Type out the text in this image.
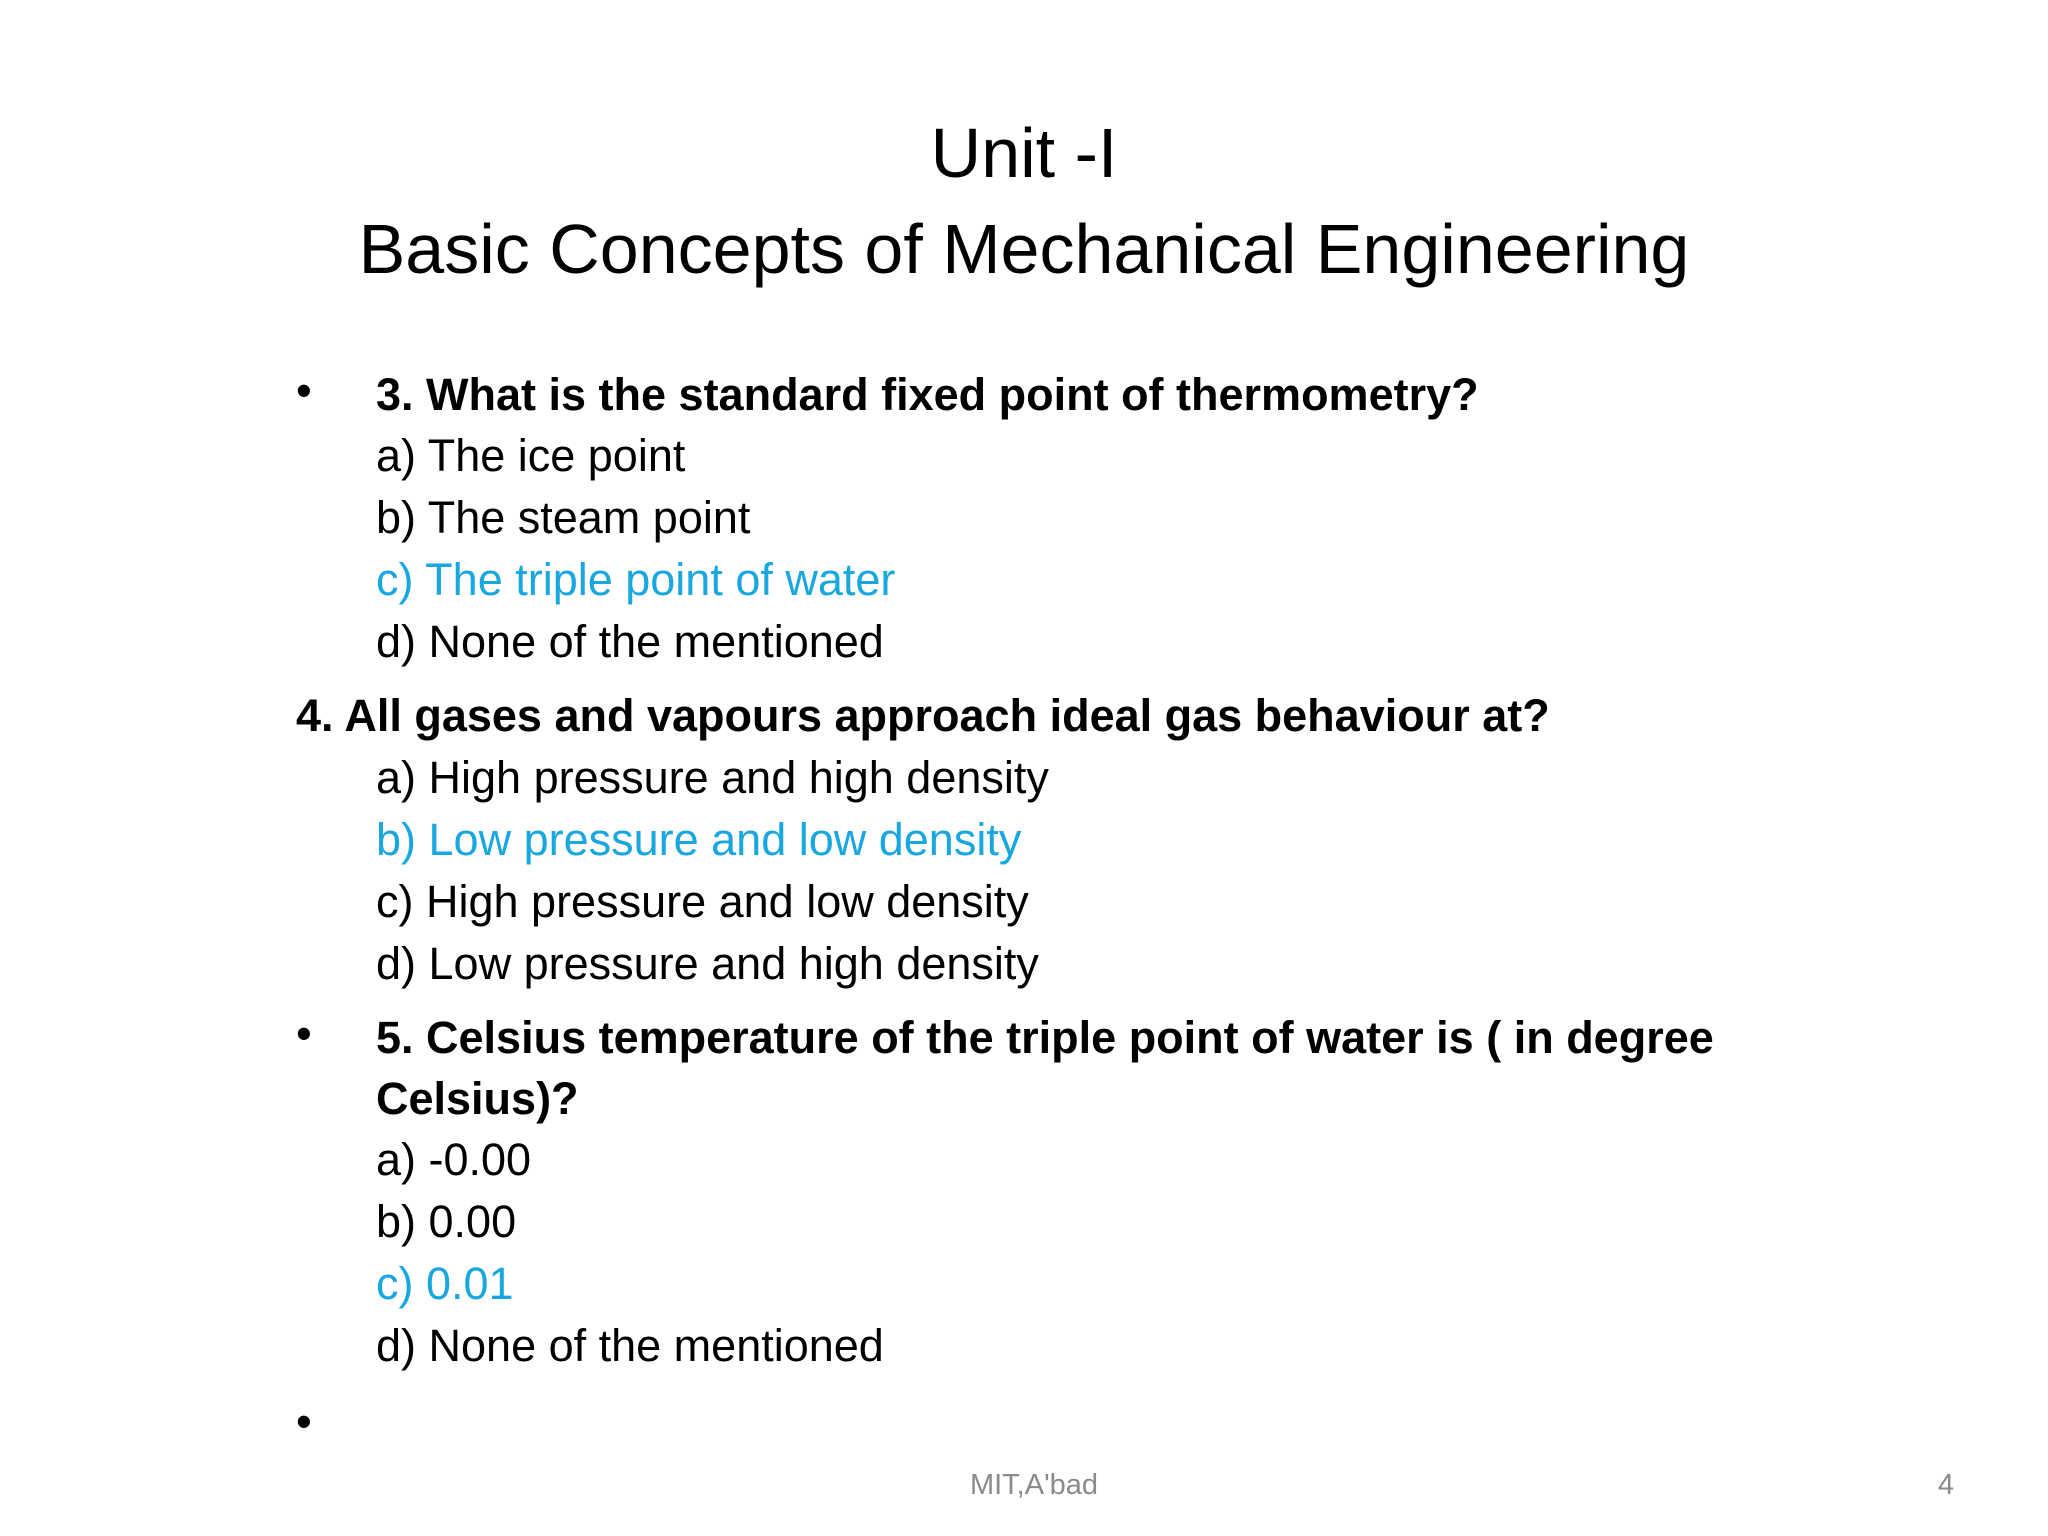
Unit -I
Basic Concepts of Mechanical Engineering
• 3. What is the standard fixed point of thermometry?
a) The ice point
b) The steam point
c) The triple point of water
d) None of the mentioned
4. All gases and vapours approach ideal gas behaviour at?
a) High pressure and high density
b) Low pressure and low density
c) High pressure and low density
d) Low pressure and high density
• 5. Celsius temperature of the triple point of water is ( in degree
Celsius)?
a) -0.00
b) 0.00
c) 0.01
d) None of the mentioned
•
MIT,A'bad	4
